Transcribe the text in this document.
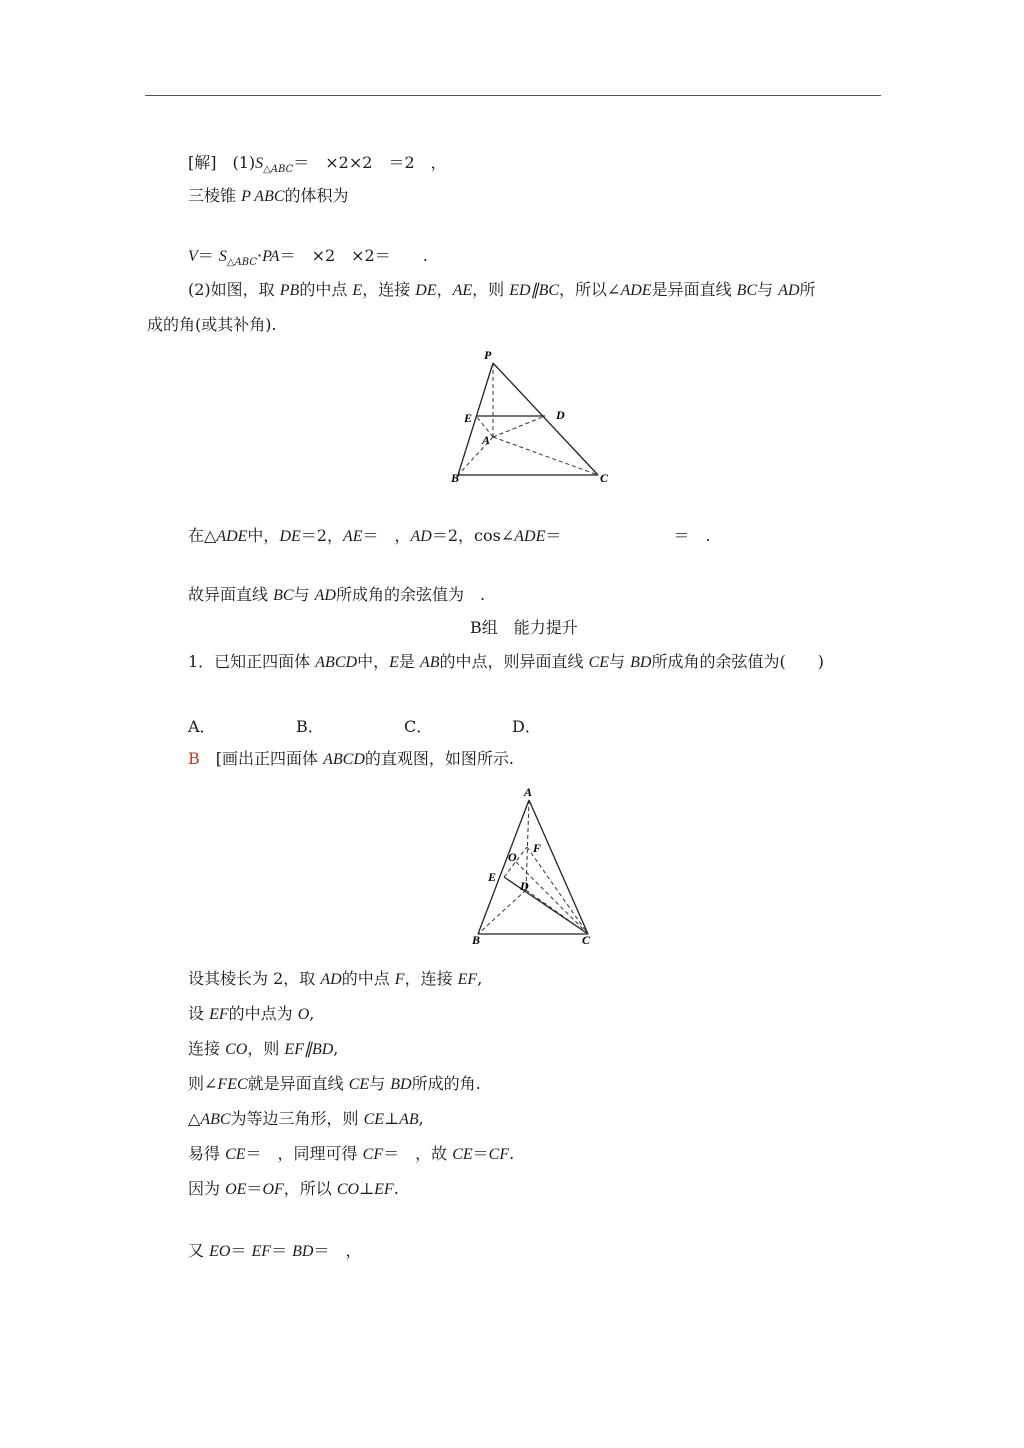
[解]　$(1)S_{\triangle ABC}=$　×2×2　＝2　，
三棱锥 P ABC的体积为
$V= S_{\triangle ABC}\cdot PA=$　×2　×2＝　　.
(2)如图，取 PB的中点 E，连接 DE，AE，则 ED∥BC，所以∠ADE是异面直线 BC与 AD所
成的角(或其补角).
P
E	D
A
B	C
在△ADE中，DE＝2，AE＝　，AD＝2，cos∠ADE＝　　　　　　　＝　.
故异面直线 BC与 AD所成角的余弦值为　.
B组　能力提升
1．已知正四面体 ABCD中，E是 AB的中点，则异面直线 CE与 BD所成角的余弦值为(　　)
A．	B．	C．	D．
B　 [画出正四面体 ABCD的直观图，如图所示.
A
O
F
E
D
B	C
设其棱长为 2，取 AD的中点 F，连接 EF,
设 EF的中点为 O,
连接 CO，则 EF∥BD,
则∠FEC就是异面直线 CE与 BD所成的角.
△ABC为等边三角形，则 CE⊥AB,
易得 CE＝　，同理可得 CF＝　，故 CE＝CF.
因为 OE＝OF，所以 CO⊥EF.
又 EO＝ EF＝ BD＝　，
